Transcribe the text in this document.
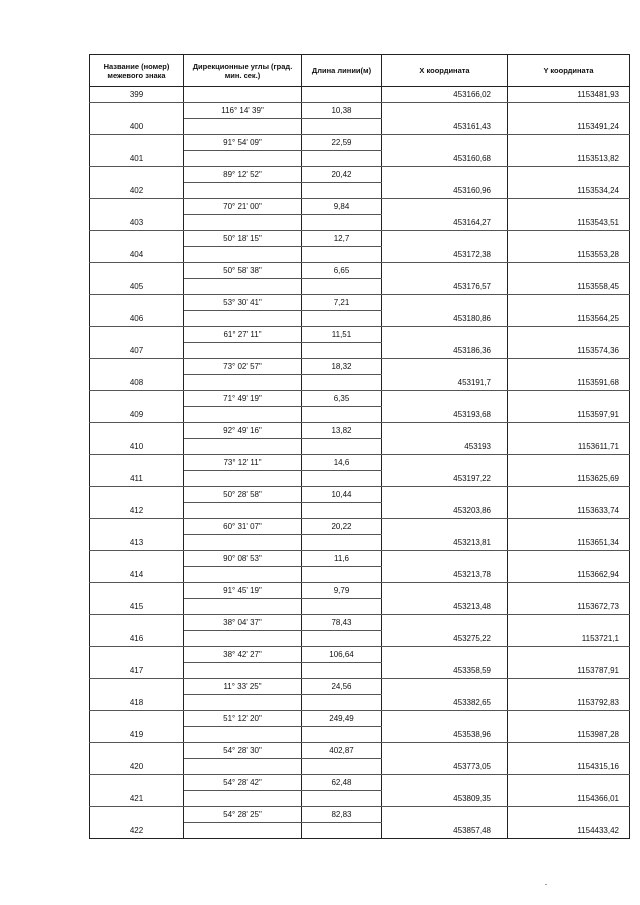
Название (номер) межевого знака	Дирекционные углы (град. мин. сек.)	Длина линии(м)	X координата	Y координата
399			453166,02	1153481,93
	116° 14' 39"	10,38		
400			453161,43	1153491,24
	91° 54' 09"	22,59		
401			453160,68	1153513,82
	89° 12' 52"	20,42		
402			453160,96	1153534,24
	70° 21' 00"	9,84		
403			453164,27	1153543,51
	50° 18' 15"	12,7		
404			453172,38	1153553,28
	50° 58' 38"	6,65		
405			453176,57	1153558,45
	53° 30' 41"	7,21		
406			453180,86	1153564,25
	61° 27' 11"	11,51		
407			453186,36	1153574,36
	73° 02' 57"	18,32		
408			453191,7	1153591,68
	71° 49' 19"	6,35		
409			453193,68	1153597,91
	92° 49' 16"	13,82		
410			453193	1153611,71
	73° 12' 11"	14,6		
411			453197,22	1153625,69
	50° 28' 58"	10,44		
412			453203,86	1153633,74
	60° 31' 07"	20,22		
413			453213,81	1153651,34
	90° 08' 53"	11,6		
414			453213,78	1153662,94
	91° 45' 19"	9,79		
415			453213,48	1153672,73
	38° 04' 37"	78,43		
416			453275,22	1153721,1
	38° 42' 27"	106,64		
417			453358,59	1153787,91
	11° 33' 25"	24,56		
418			453382,65	1153792,83
	51° 12' 20"	249,49		
419			453538,96	1153987,28
	54° 28' 30"	402,87		
420			453773,05	1154315,16
	54° 28' 42"	62,48		
421			453809,35	1154366,01
	54° 28' 25"	82,83		
422			453857,48	1154433,42
